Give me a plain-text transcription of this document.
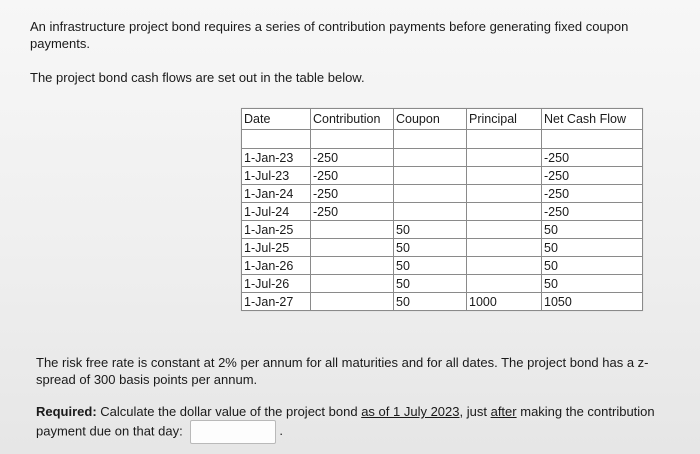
An infrastructure project bond requires a series of contribution payments before generating fixed coupon payments.

The project bond cash flows are set out in the table below.

Date	Contribution	Coupon	Principal	Net Cash Flow

1-Jan-23	-250			-250
1-Jul-23	-250			-250
1-Jan-24	-250			-250
1-Jul-24	-250			-250
1-Jan-25		50		50
1-Jul-25		50		50
1-Jan-26		50		50
1-Jul-26		50		50
1-Jan-27		50	1000	1050

The risk free rate is constant at 2% per annum for all maturities and for all dates. The project bond has a z-spread of 300 basis points per annum.

Required: Calculate the dollar value of the project bond as of 1 July 2023, just after making the contribution payment due on that day:	.
